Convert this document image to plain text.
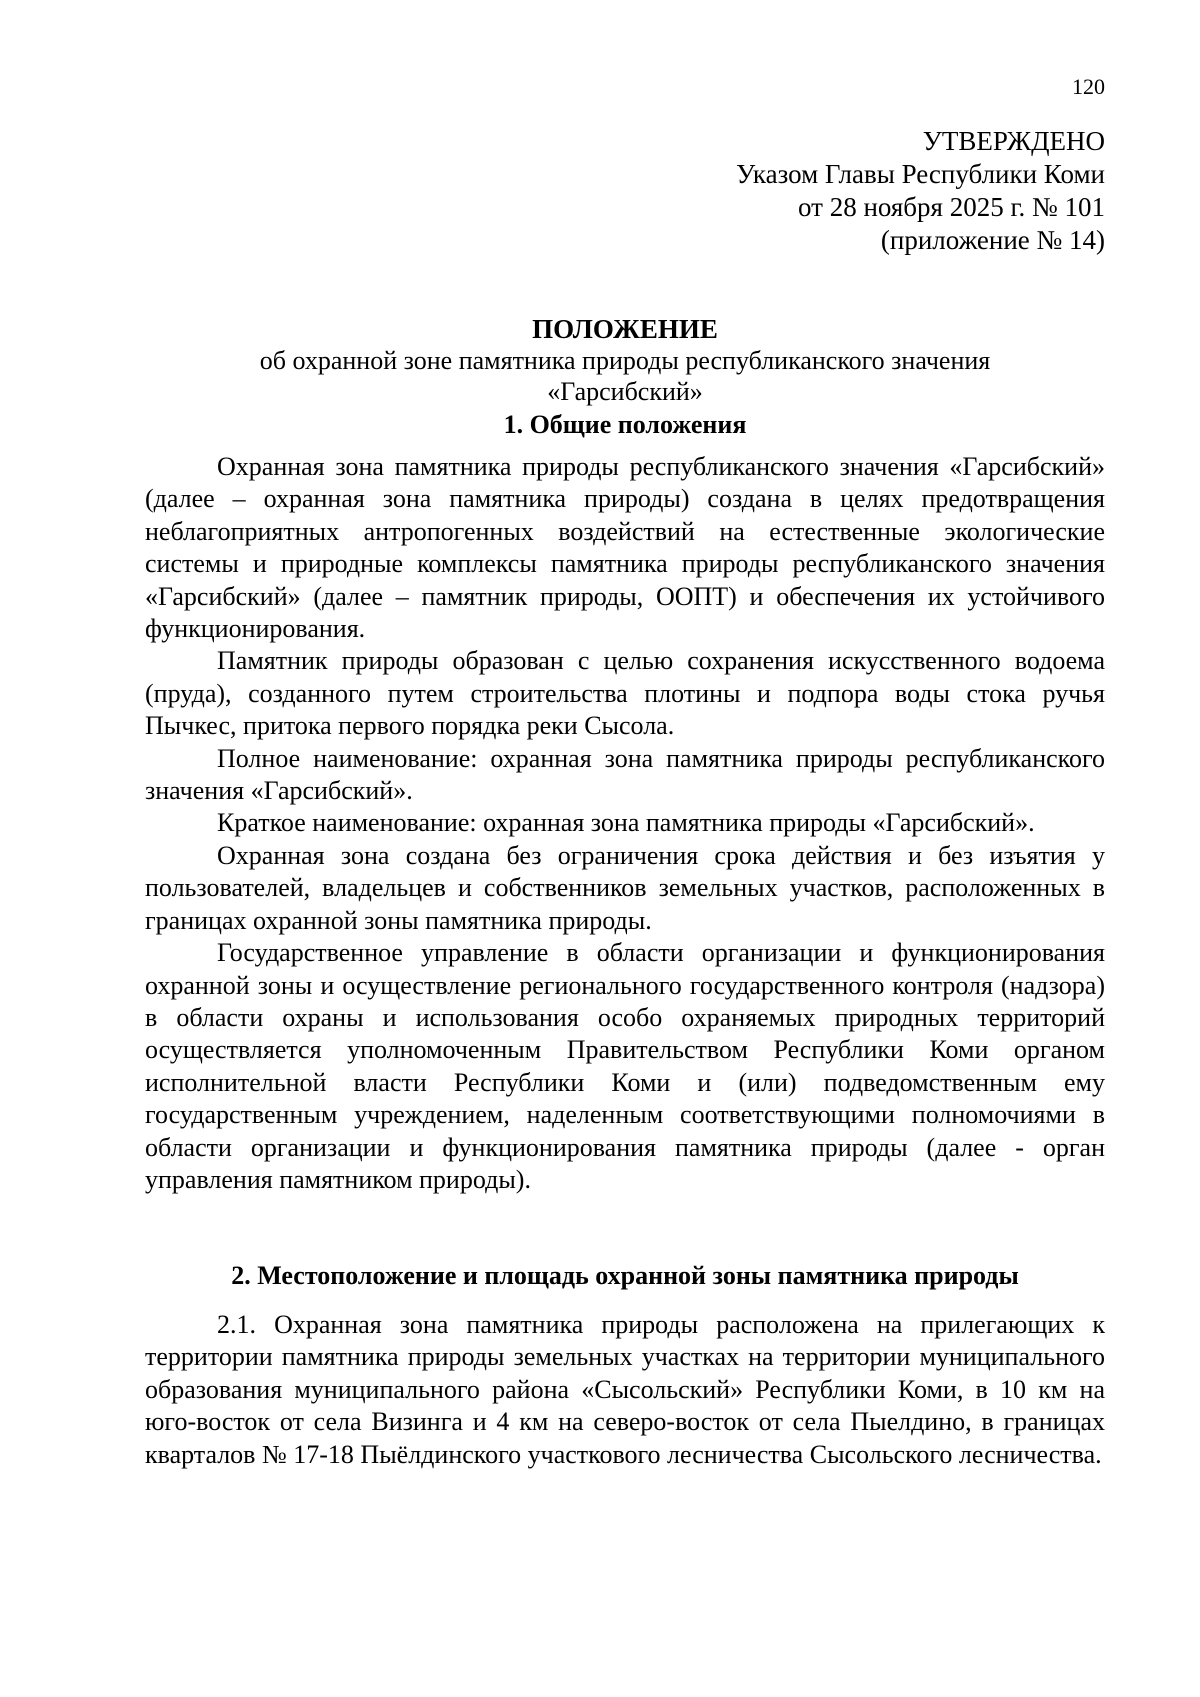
120
УТВЕРЖДЕНО
Указом Главы Республики Коми
от 28 ноября 2025 г. № 101
(приложение № 14)
ПОЛОЖЕНИЕ
об охранной зоне памятника природы республиканского значения
«Гарсибский»
1. Общие положения

Охранная зона памятника природы республиканского значения «Гарсибский» (далее – охранная зона памятника природы) создана в целях предотвращения неблагоприятных антропогенных воздействий на естественные экологические системы и природные комплексы памятника природы республиканского значения «Гарсибский» (далее – памятник природы, ООПТ) и обеспечения их устойчивого функционирования.

Памятник природы образован с целью сохранения искусственного водоема (пруда), созданного путем строительства плотины и подпора воды стока ручья Пычкес, притока первого порядка реки Сысола.

Полное наименование: охранная зона памятника природы республиканского значения «Гарсибский».

Краткое наименование: охранная зона памятника природы «Гарсибский».

Охранная зона создана без ограничения срока действия и без изъятия у пользователей, владельцев и собственников земельных участков, расположенных в границах охранной зоны памятника природы.

Государственное управление в области организации и функционирования охранной зоны и осуществление регионального государственного контроля (надзора) в области охраны и использования особо охраняемых природных территорий осуществляется уполномоченным Правительством Республики Коми органом исполнительной власти Республики Коми и (или) подведомственным ему государственным учреждением, наделенным соответствующими полномочиями в области организации и функционирования памятника природы (далее - орган управления памятником природы).

2. Местоположение и площадь охранной зоны памятника природы

2.1. Охранная зона памятника природы расположена на прилегающих к территории памятника природы земельных участках на территории муниципального образования муниципального района «Сысольский» Республики Коми, в 10 км на юго-восток от села Визинга и 4 км на северо-восток от села Пыелдино, в границах кварталов № 17-18 Пыёлдинского участкового лесничества Сысольского лесничества.
